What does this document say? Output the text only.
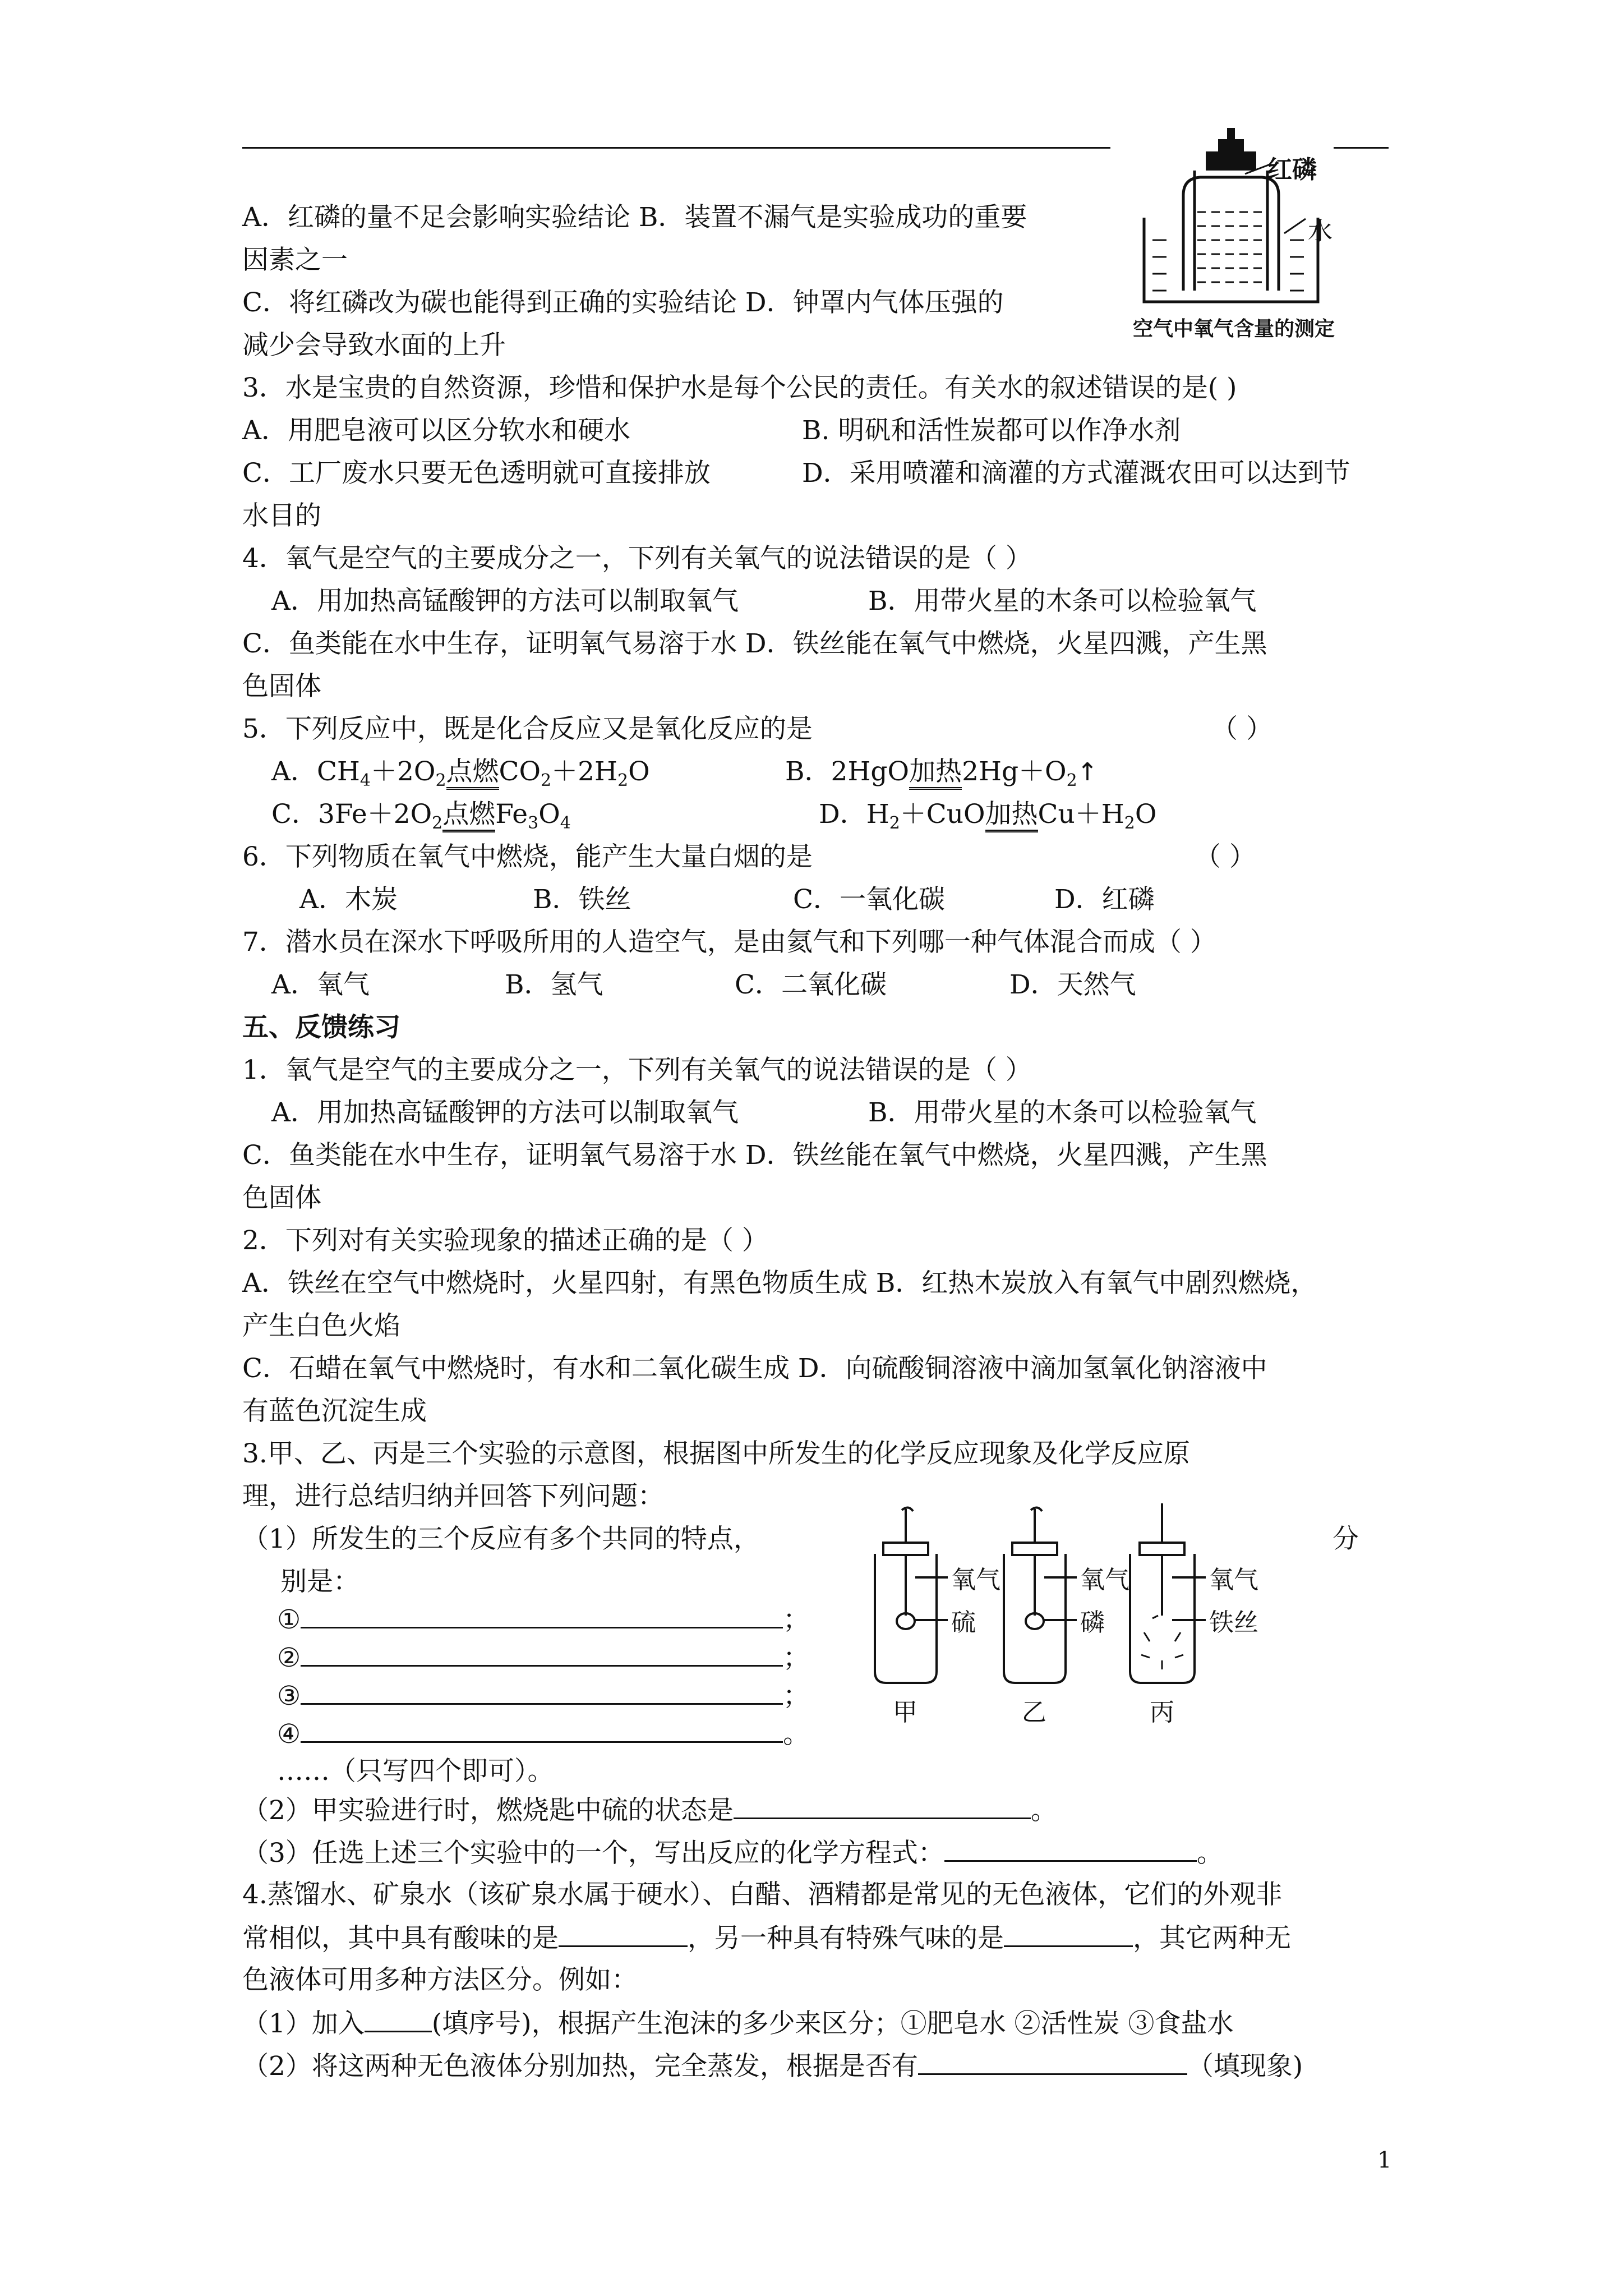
红磷
水
空气中氧气含量的测定
A．红磷的量不足会影响实验结论 B．装置不漏气是实验成功的重要
因素之一
C．将红磷改为碳也能得到正确的实验结论 D．钟罩内气体压强的
减少会导致水面的上升
3．水是宝贵的自然资源，珍惜和保护水是每个公民的责任。有关水的叙述错误的是( )
A．用肥皂液可以区分软水和硬水	B. 明矾和活性炭都可以作净水剂
C．工厂废水只要无色透明就可直接排放	D．采用喷灌和滴灌的方式灌溉农田可以达到节
水目的
4．氧气是空气的主要成分之一，下列有关氧气的说法错误的是（ ）
A．用加热高锰酸钾的方法可以制取氧气	B．用带火星的木条可以检验氧气
C．鱼类能在水中生存，证明氧气易溶于水 D．铁丝能在氧气中燃烧，火星四溅，产生黑
色固体
5．下列反应中，既是化合反应又是氧化反应的是	（ ）
A．$CH_4+2O_2$点燃$CO_2+2H_2O$	B．2HgO加热$2Hg+O_2↑$
C．$3Fe+2O_2$点燃$Fe_3O_4$	D．$H_2+CuO$加热$Cu+H_2O$
6．下列物质在氧气中燃烧，能产生大量白烟的是	（ ）
A．木炭	B．铁丝	C．一氧化碳	D．红磷
7．潜水员在深水下呼吸所用的人造空气，是由氦气和下列哪一种气体混合而成（ ）
A．氧气	B．氢气	C．二氧化碳	D．天然气
五、反馈练习
1．氧气是空气的主要成分之一，下列有关氧气的说法错误的是（ ）
A．用加热高锰酸钾的方法可以制取氧气	B．用带火星的木条可以检验氧气
C．鱼类能在水中生存，证明氧气易溶于水 D．铁丝能在氧气中燃烧，火星四溅，产生黑
色固体
2．下列对有关实验现象的描述正确的是（ ）
A．铁丝在空气中燃烧时，火星四射，有黑色物质生成 B．红热木炭放入有氧气中剧烈燃烧，
产生白色火焰
C．石蜡在氧气中燃烧时，有水和二氧化碳生成 D．向硫酸铜溶液中滴加氢氧化钠溶液中
有蓝色沉淀生成
3.甲、乙、丙是三个实验的示意图，根据图中所发生的化学反应现象及化学反应原
理，进行总结归纳并回答下列问题：
（1）所发生的三个反应有多个共同的特点，	分
别是：
①	；
②	；
③	；
④	。
……（只写四个即可）。
（2）甲实验进行时，燃烧匙中硫的状态是	。
（3）任选上述三个实验中的一个，写出反应的化学方程式：	。
氧气
硫
氧气
磷
氧气
铁丝
甲	乙	丙
4.蒸馏水、矿泉水（该矿泉水属于硬水）、白醋、酒精都是常见的无色液体，它们的外观非
常相似，其中具有酸味的是	，另一种具有特殊气味的是	，其它两种无
色液体可用多种方法区分。例如：
（1）加入	(填序号)，根据产生泡沫的多少来区分；①肥皂水 ②活性炭 ③食盐水
（2）将这两种无色液体分别加热，完全蒸发，根据是否有	（填现象)
1
